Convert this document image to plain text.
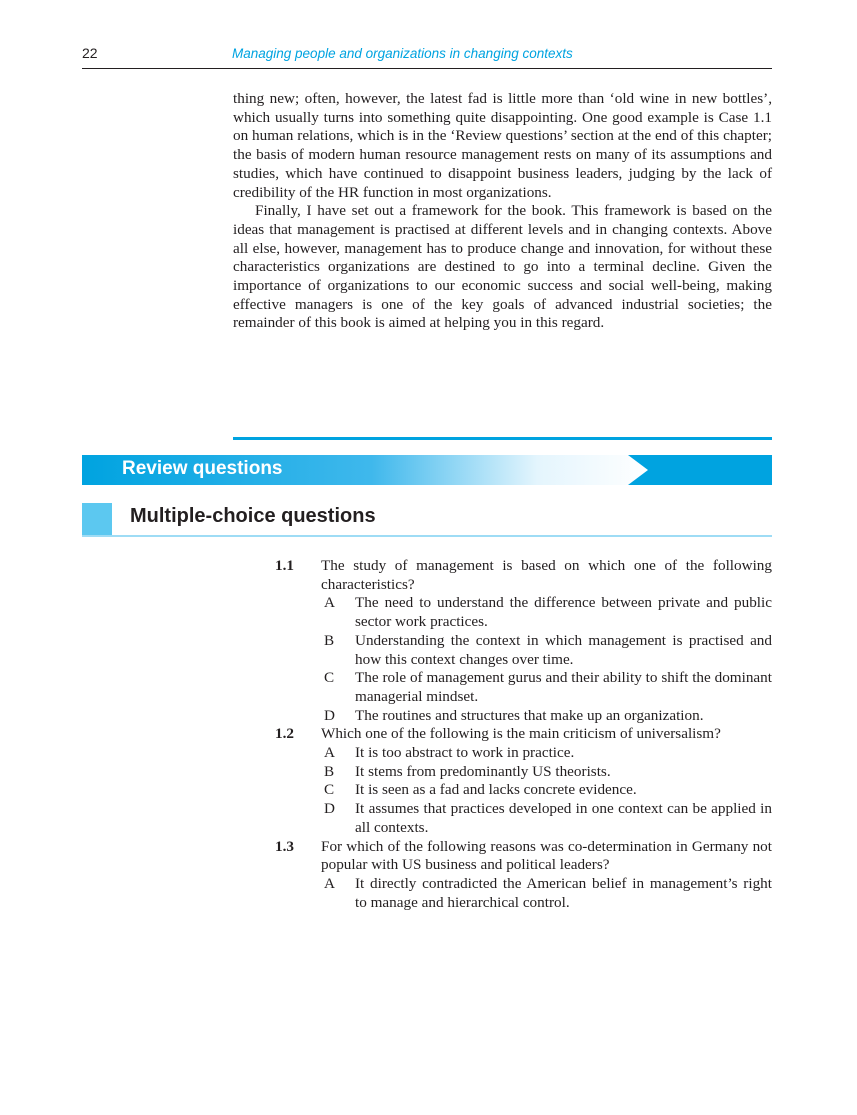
22	Managing people and organizations in changing contexts

thing new; often, however, the latest fad is little more than ‘old wine in new bottles’, which usually turns into something quite disappointing. One good example is Case 1.1 on human relations, which is in the ‘Review questions’ section at the end of this chapter; the basis of modern human resource management rests on many of its assumptions and studies, which have continued to disappoint business leaders, judging by the lack of credibility of the HR function in most organizations.

Finally, I have set out a framework for the book. This framework is based on the ideas that management is practised at different levels and in changing contexts. Above all else, however, management has to produce change and innovation, for without these characteristics organizations are destined to go into a terminal decline. Given the importance of organizations to our economic success and social well-being, making effective managers is one of the key goals of advanced industrial societies; the remainder of this book is aimed at helping you in this regard.

Review questions
Multiple-choice questions
1.1 The study of management is based on which one of the following characteristics?
A The need to understand the difference between private and public sector work practices.
B Understanding the context in which management is practised and how this context changes over time.
C The role of management gurus and their ability to shift the dominant managerial mindset.
D The routines and structures that make up an organization.
1.2 Which one of the following is the main criticism of universalism?
A It is too abstract to work in practice.
B It stems from predominantly US theorists.
C It is seen as a fad and lacks concrete evidence.
D It assumes that practices developed in one context can be applied in all contexts.
1.3 For which of the following reasons was co-determination in Germany not popular with US business and political leaders?
A It directly contradicted the American belief in management’s right to manage and hierarchical control.
